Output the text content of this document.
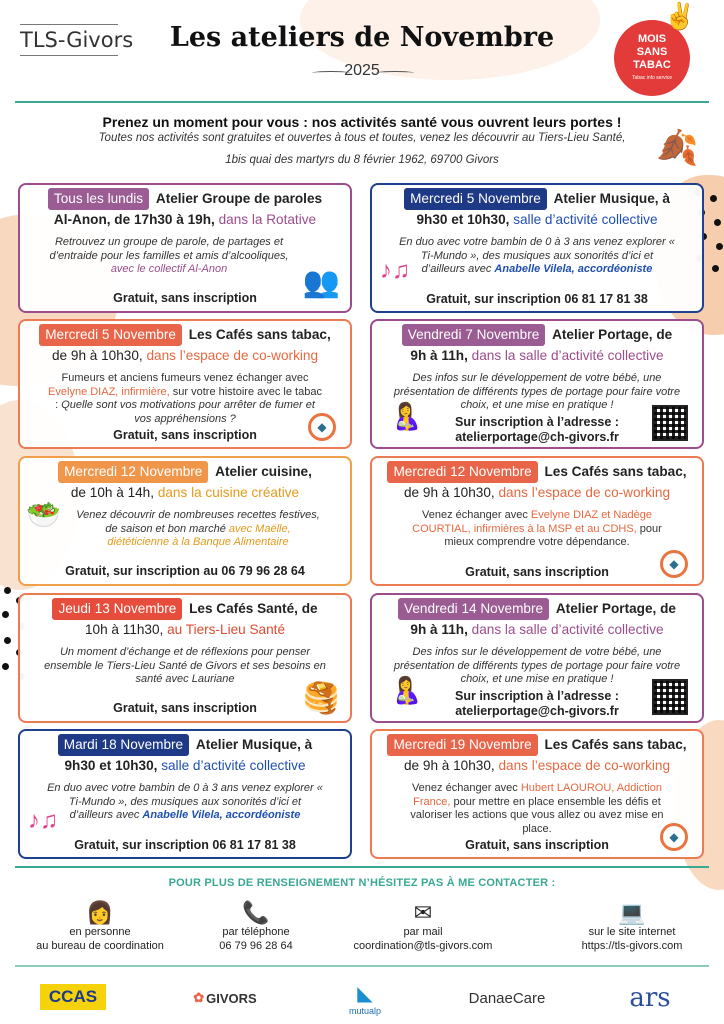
TLS-Givors	Les ateliers de Novembre
2025
✌
MOIS
SANS
TABAC
Tabac info service
Prenez un moment pour vous : nos activités santé vous ouvrent leurs portes !
Toutes nos activités sont gratuites et ouvertes à tous et toutes, venez les découvrir au Tiers-Lieu Santé,
1bis quai des martyrs du 8 février 1962, 69700 Givors	🍂
Tous les lundis Atelier Groupe de paroles
Al-Anon, de 17h30 à 19h, dans la Rotative
Retrouvez un groupe de parole, de partages et d’entraide pour les familles et amis d’alcooliques, avec le collectif Al-Anon
Gratuit, sans inscription	👥
Mercredi 5 Novembre Les Cafés sans tabac,
de 9h à 10h30, dans l’espace de co-working
Fumeurs et anciens fumeurs venez échanger avec Evelyne DIAZ, infirmière, sur votre histoire avec le tabac : Quelle sont vos motivations pour arrêter de fumer et vos appréhensions ?
Gratuit, sans inscription
◆
Mercredi 12 Novembre Atelier cuisine,
de 10h à 14h, dans la cuisine créative
Venez découvrir de nombreuses recettes festives, de saison et bon marché avec Maëlle, diététicienne à la Banque Alimentaire
Gratuit, sur inscription au 06 79 96 28 64
🥗
Jeudi 13 Novembre Les Cafés Santé, de
10h à 11h30, au Tiers-Lieu Santé
Un moment d’échange et de réflexions pour penser ensemble le Tiers-Lieu Santé de Givors et ses besoins en santé avec Lauriane
Gratuit, sans inscription	🥞
Mardi 18 Novembre Atelier Musique, à
9h30 et 10h30, salle d’activité collective
En duo avec votre bambin de 0 à 3 ans venez explorer « Ti-Mundo », des musiques aux sonorités d’ici et d’ailleurs avec Anabelle Vilela, accordéoniste
Gratuit, sur inscription 06 81 17 81 38
♪♫
Mercredi 5 Novembre Atelier Musique, à
9h30 et 10h30, salle d’activité collective
En duo avec votre bambin de 0 à 3 ans venez explorer « Ti-Mundo », des musiques aux sonorités d’ici et d’ailleurs avec Anabelle Vilela, accordéoniste
Gratuit, sur inscription 06 81 17 81 38
♪♫
Vendredi 7 Novembre Atelier Portage, de
9h à 11h, dans la salle d’activité collective
Des infos sur le développement de votre bébé, une présentation de différents types de portage pour faire votre choix, et une mise en pratique !
Sur inscription à l’adresse :
atelierportage@ch-givors.fr
🤱
Mercredi 12 Novembre Les Cafés sans tabac,
de 9h à 10h30, dans l’espace de co-working
Venez échanger avec Evelyne DIAZ et Nadège COURTIAL, infirmières à la MSP et au CDHS, pour mieux comprendre votre dépendance.
Gratuit, sans inscription
◆
Vendredi 14 Novembre Atelier Portage, de
9h à 11h, dans la salle d’activité collective
Des infos sur le développement de votre bébé, une présentation de différents types de portage pour faire votre choix, et une mise en pratique !
Sur inscription à l’adresse :
atelierportage@ch-givors.fr
🤱
Mercredi 19 Novembre Les Cafés sans tabac,
de 9h à 10h30, dans l’espace de co-working
Venez échanger avec Hubert LAOUROU, Addiction France, pour mettre en place ensemble les défis et valoriser les actions que vous allez ou avez mise en place.
Gratuit, sans inscription
◆
POUR PLUS DE RENSEIGNEMENT N’HÉSITEZ PAS À ME CONTACTER :
👩
en personne
au bureau de coordination
📞
par téléphone
06 79 96 28 64
✉
par mail
coordination@tls-givors.com
💻
sur le site internet
https://tls-givors.com
CCAS	✿ GIVORS	◣
mutualp
DanaeCare	ars
